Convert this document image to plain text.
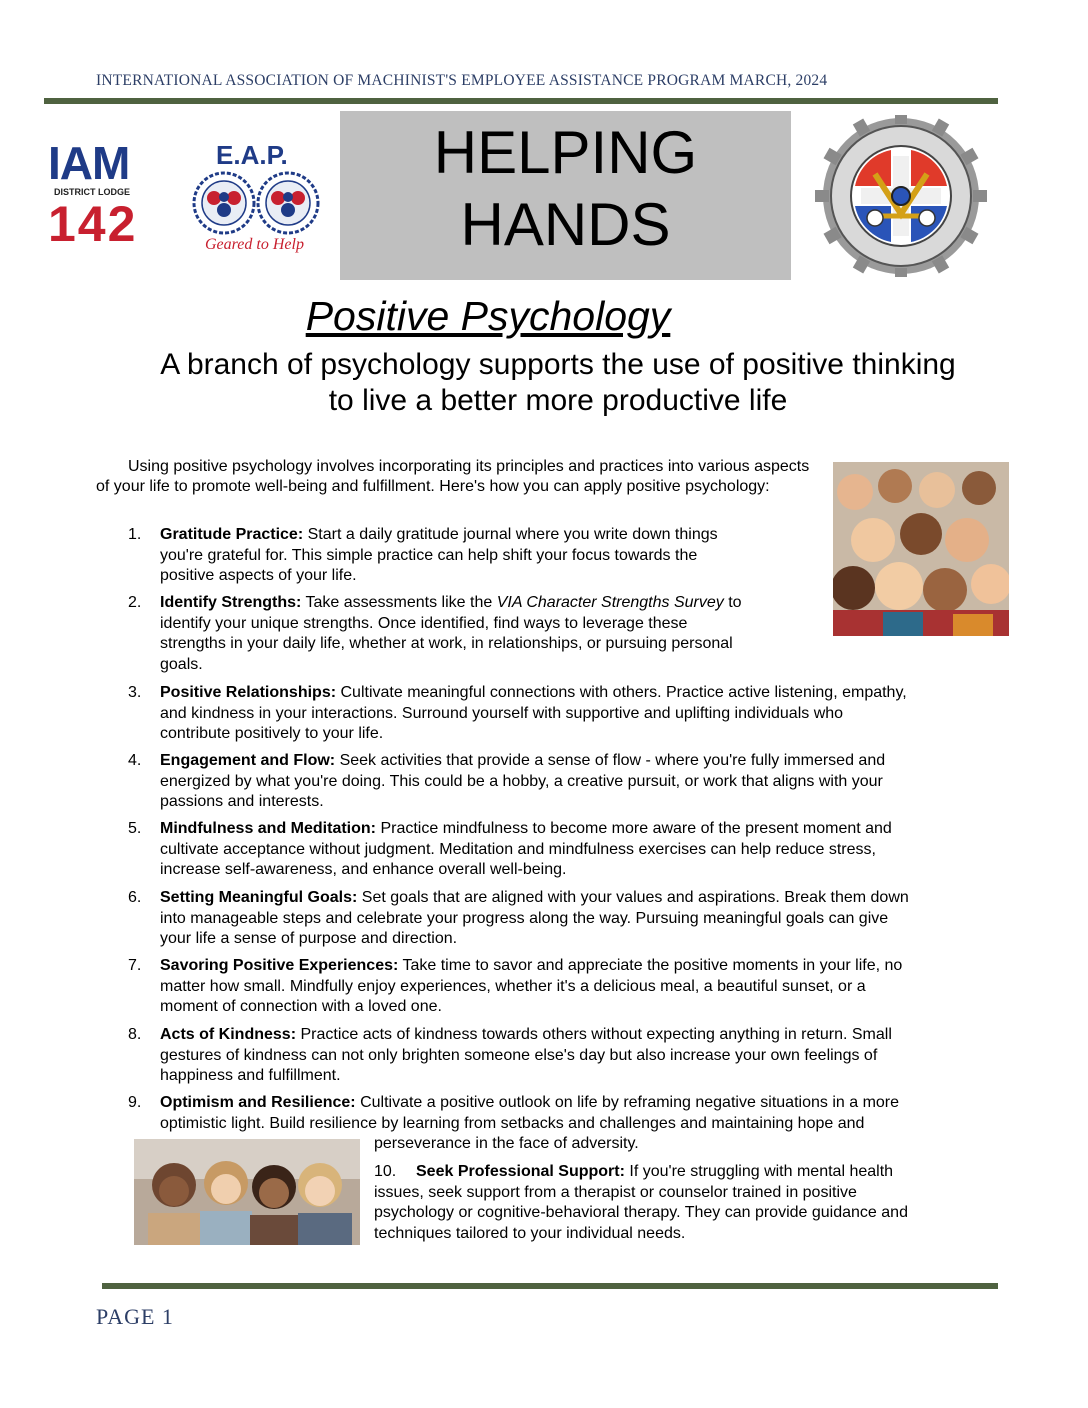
INTERNATIONAL ASSOCIATION OF MACHINIST'S EMPLOYEE ASSISTANCE PROGRAM MARCH, 2024
IAM
DISTRICT LODGE
142
E.A.P.
Geared to Help
HELPING
HANDS
Positive Psychology
A branch of psychology supports the use of positive thinking
to live a better more productive life
Using positive psychology involves incorporating its principles and practices into various aspects of your life to promote well-being and fulfillment. Here's how you can apply positive psychology:
1. Gratitude Practice: Start a daily gratitude journal where you write down things
you're grateful for. This simple practice can help shift your focus towards the
positive aspects of your life.
2. Identify Strengths: Take assessments like the VIA Character Strengths Survey to
identify your unique strengths. Once identified, find ways to leverage these
strengths in your daily life, whether at work, in relationships, or pursuing personal
goals.
3. Positive Relationships: Cultivate meaningful connections with others. Practice active listening, empathy,
and kindness in your interactions. Surround yourself with supportive and uplifting individuals who
contribute positively to your life.
4. Engagement and Flow: Seek activities that provide a sense of flow - where you're fully immersed and
energized by what you're doing. This could be a hobby, a creative pursuit, or work that aligns with your
passions and interests.
5. Mindfulness and Meditation: Practice mindfulness to become more aware of the present moment and
cultivate acceptance without judgment. Meditation and mindfulness exercises can help reduce stress,
increase self-awareness, and enhance overall well-being.
6. Setting Meaningful Goals: Set goals that are aligned with your values and aspirations. Break them down
into manageable steps and celebrate your progress along the way. Pursuing meaningful goals can give
your life a sense of purpose and direction.
7. Savoring Positive Experiences: Take time to savor and appreciate the positive moments in your life, no
matter how small. Mindfully enjoy experiences, whether it's a delicious meal, a beautiful sunset, or a
moment of connection with a loved one.
8. Acts of Kindness: Practice acts of kindness towards others without expecting anything in return. Small
gestures of kindness can not only brighten someone else's day but also increase your own feelings of
happiness and fulfillment.
9. Optimism and Resilience: Cultivate a positive outlook on life by reframing negative situations in a more
optimistic light. Build resilience by learning from setbacks and challenges and maintaining hope and
perseverance in the face of adversity.
10. Seek Professional Support: If you're struggling with mental health
issues, seek support from a therapist or counselor trained in positive
psychology or cognitive-behavioral therapy. They can provide guidance and
techniques tailored to your individual needs.
PAGE 1
